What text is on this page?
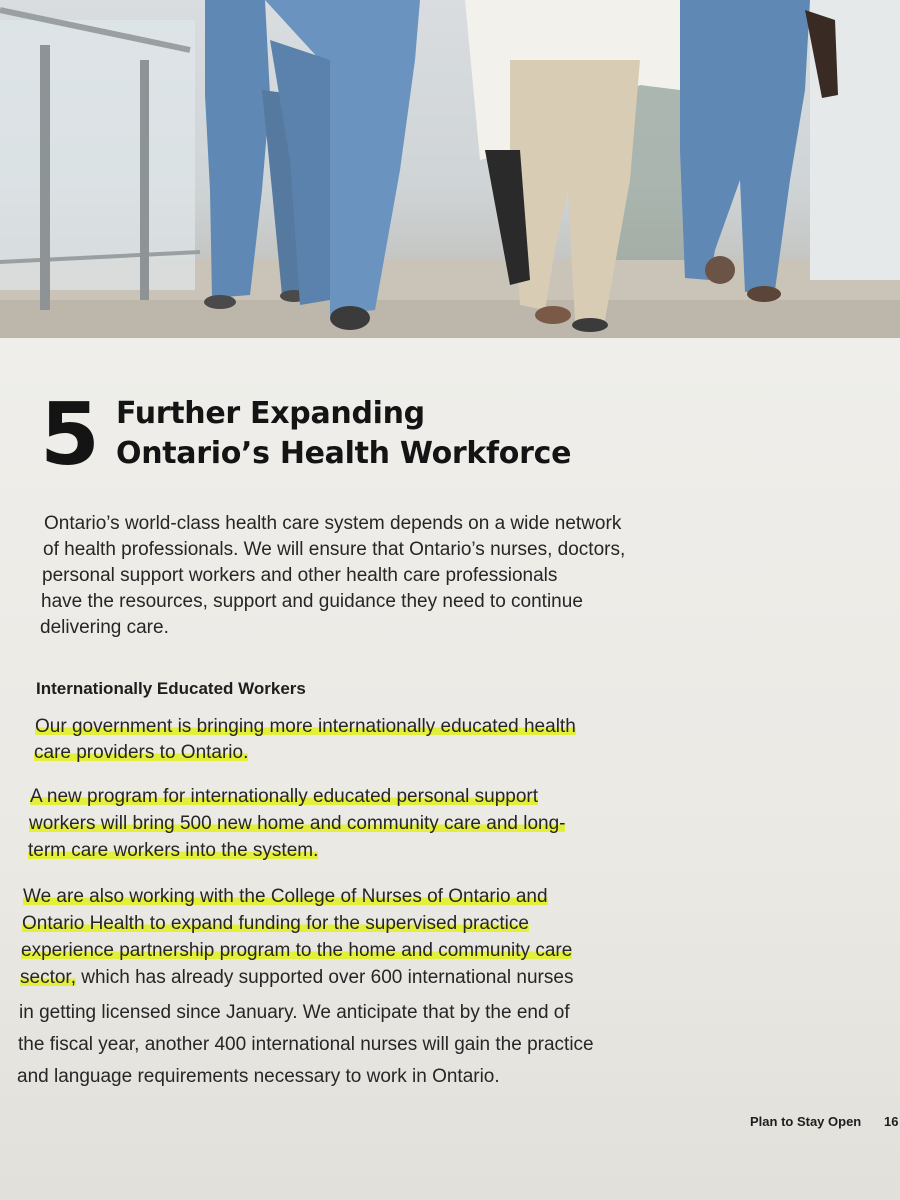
5 Further Expanding
Ontario’s Health Workforce
Ontario’s world-class health care system depends on a wide network
of health professionals. We will ensure that Ontario’s nurses, doctors,
personal support workers and other health care professionals
have the resources, support and guidance they need to continue
delivering care.
Internationally Educated Workers
Our government is bringing more internationally educated health
care providers to Ontario.
A new program for internationally educated personal support
workers will bring 500 new home and community care and long-
term care workers into the system.
We are also working with the College of Nurses of Ontario and
Ontario Health to expand funding for the supervised practice
experience partnership program to the home and community care
sector, which has already supported over 600 international nurses
in getting licensed since January. We anticipate that by the end of
the fiscal year, another 400 international nurses will gain the practice
and language requirements necessary to work in Ontario.
Plan to Stay Open 16
